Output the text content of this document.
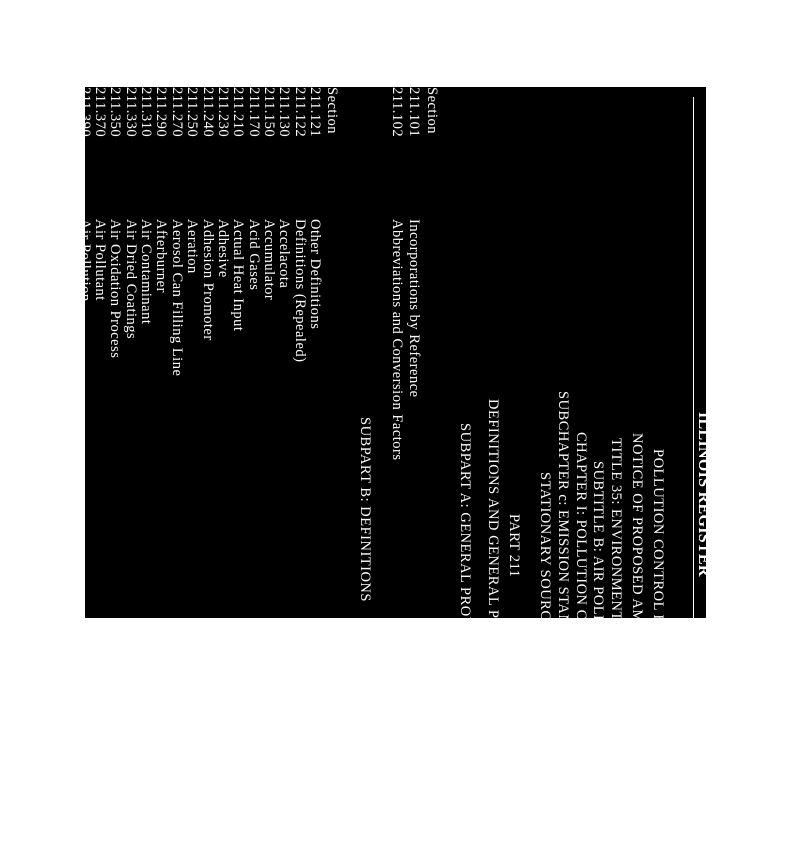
ILLINOIS REGISTER
POLLUTION CONTROL BOARD
NOTICE OF PROPOSED AMENDMENTS
TITLE 35: ENVIRONMENTAL PROTECTION
SUBTITLE B: AIR POLLUTION
CHAPTER I: POLLUTION CONTROL BOARD
SUBCHAPTER c: EMISSION STANDARDS AND LIMITATIONS FOR
STATIONARY SOURCES
PART 211
DEFINITIONS AND GENERAL PROVISIONS
SUBPART A: GENERAL PROVISIONS
Section
211.101
Incorporations by Reference
211.102
Abbreviations and Conversion Factors
SUBPART B: DEFINITIONS
Section
211.121
Other Definitions
211.122
Definitions (Repealed)
211.130
Accelacota
211.150
Accumulator
211.170
Acid Gases
211.210
Actual Heat Input
211.230
Adhesive
211.240
Adhesion Promoter
211.250
Aeration
211.270
Aerosol Can Filling Line
211.290
Afterburner
211.310
Air Contaminant
211.330
Air Dried Coatings
211.350
Air Oxidation Process
211.370
Air Pollutant
211.390
Air Pollution
211.410
Air Pollution Control Equipment
211.430
Air Suspension Coater/Dryer
211.450
Airless Spray
211.470
Air Assisted Airless Spray
211.474
Alcohol
